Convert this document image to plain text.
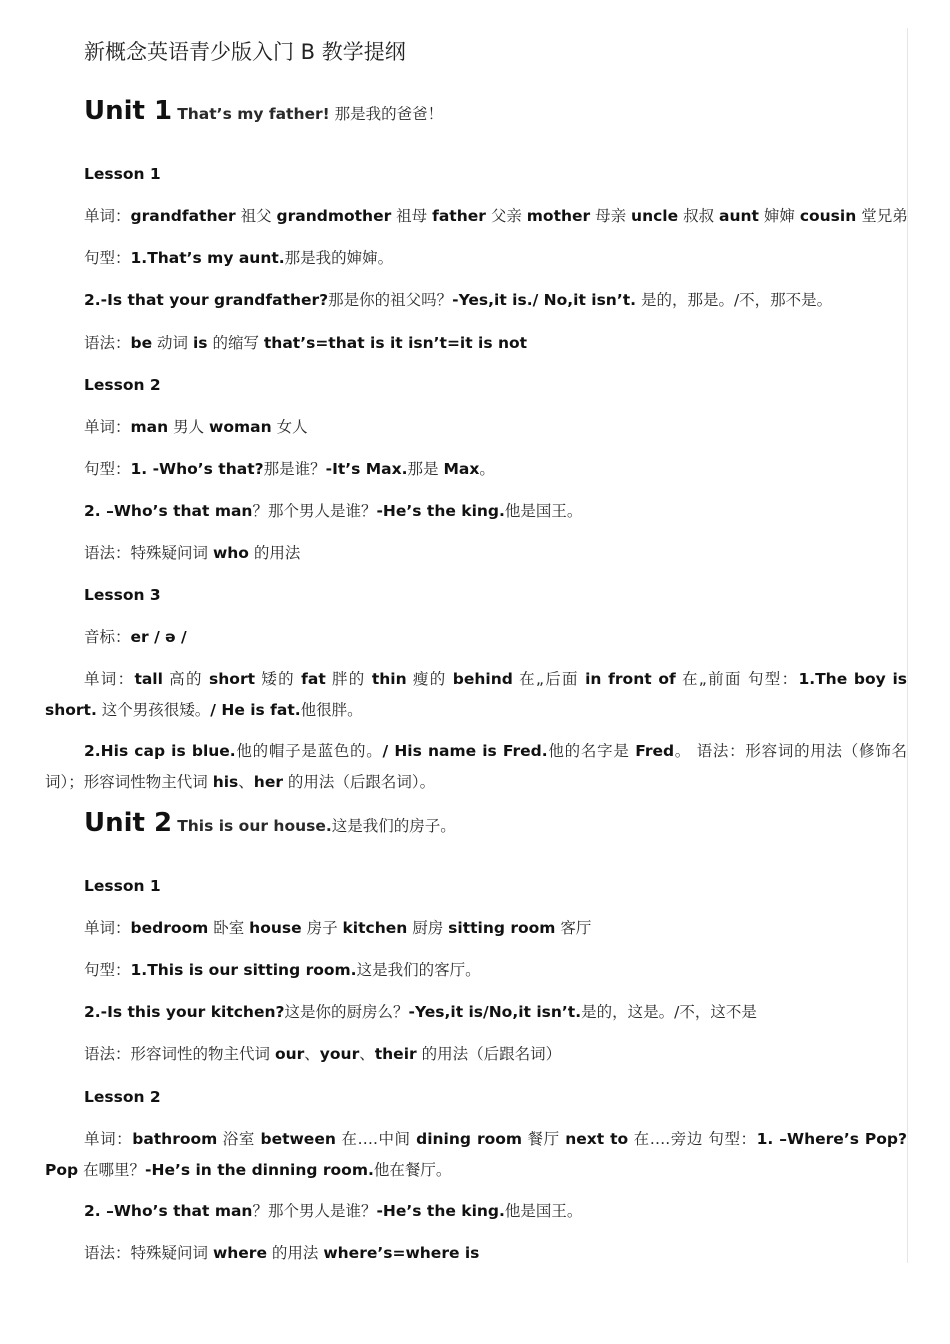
新概念英语青少版入门 B 教学提纲
Unit 1 That’s my father! 那是我的爸爸！
Lesson 1
单词：grandfather 祖父 grandmother 祖母 father 父亲 mother 母亲 uncle 叔叔 aunt 婶婶 cousin 堂兄弟
句型：1.That’s my aunt.那是我的婶婶。
2.-Is that your grandfather?那是你的祖父吗？-Yes,it is./ No,it isn’t. 是的，那是。/不，那不是。
语法：be 动词 is 的缩写 that’s=that is it isn’t=it is not
Lesson 2
单词：man 男人 woman 女人
句型：1. -Who’s that?那是谁？-It’s Max.那是 Max。
2. –Who’s that man？那个男人是谁？-He’s the king.他是国王。
语法：特殊疑问词 who 的用法
Lesson 3
音标：er / ə /
单词：tall 高的 short 矮的 fat 胖的 thin 瘦的 behind 在„后面 in front of 在„前面 句型：1.The boy is short. 这个男孩很矮。/ He is fat.他很胖。
2.His cap is blue.他的帽子是蓝色的。/ His name is Fred.他的名字是 Fred。 语法：形容词的用法（修饰名词）；形容词性物主代词 his、her 的用法（后跟名词）。
Unit 2 This is our house.这是我们的房子。
Lesson 1
单词：bedroom 卧室 house 房子 kitchen 厨房 sitting room 客厅
句型：1.This is our sitting room.这是我们的客厅。
2.-Is this your kitchen?这是你的厨房么？-Yes,it is/No,it isn’t.是的，这是。/不，这不是
语法：形容词性的物主代词 our、your、their 的用法（后跟名词）
Lesson 2
单词：bathroom 浴室 between 在….中间 dining room 餐厅 next to 在….旁边 句型：1. –Where’s Pop? Pop 在哪里？-He’s in the dinning room.他在餐厅。
2. –Who’s that man？那个男人是谁？-He’s the king.他是国王。
语法：特殊疑问词 where 的用法 where’s=where is
